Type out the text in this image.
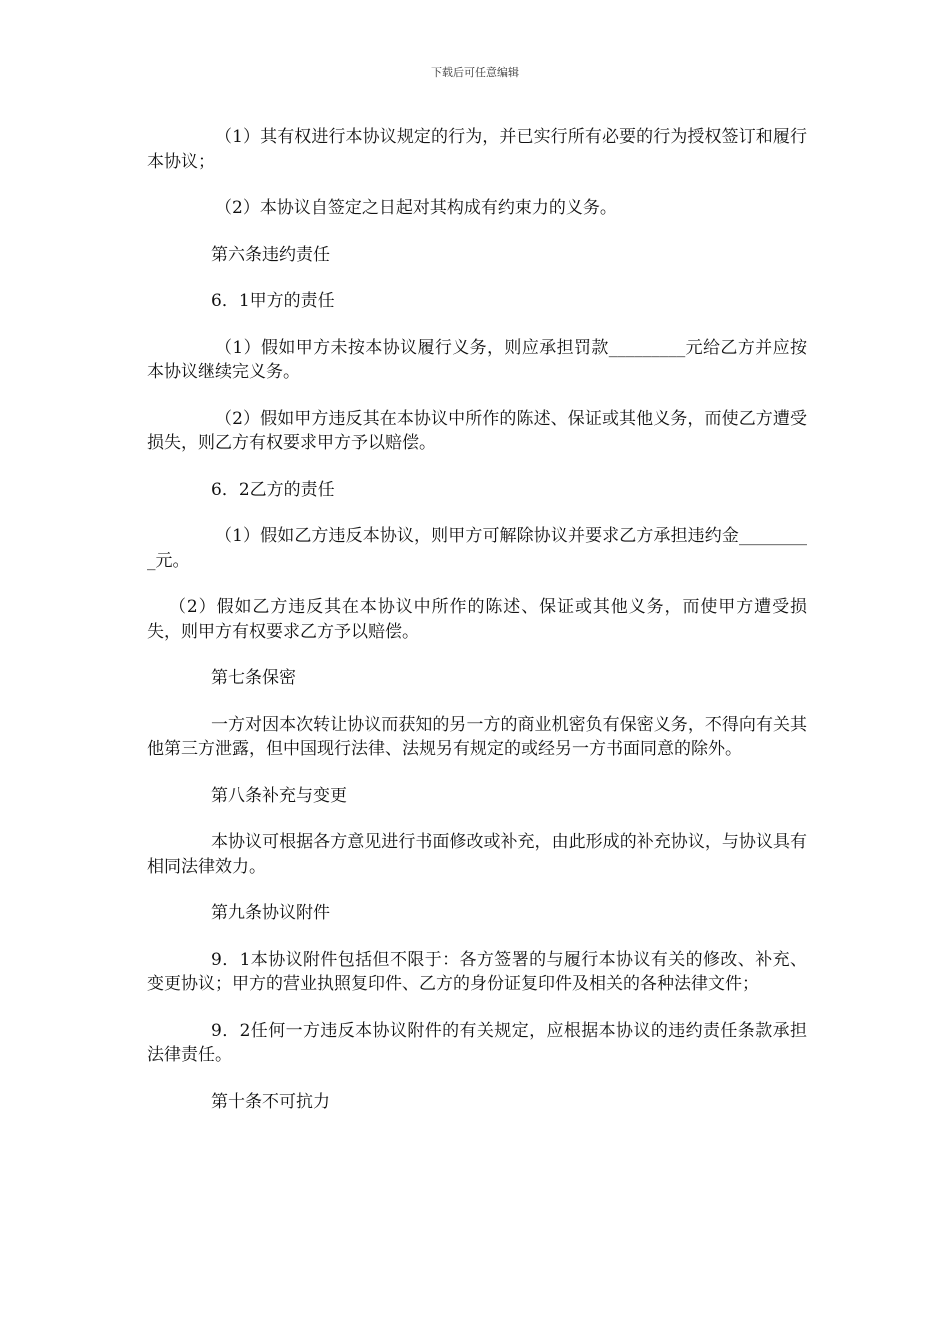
下载后可任意编辑

（1）其有权进行本协议规定的行为，并已实行所有必要的行为授权签订和履行本协议；

（2）本协议自签定之日起对其构成有约束力的义务。

第六条违约责任

6．1甲方的责任

（1）假如甲方未按本协议履行义务，则应承担罚款_________元给乙方并应按本协议继续完义务。

（2）假如甲方违反其在本协议中所作的陈述、保证或其他义务，而使乙方遭受损失，则乙方有权要求甲方予以赔偿。

6．2乙方的责任

（1）假如乙方违反本协议，则甲方可解除协议并要求乙方承担违约金_________元。

（2）假如乙方违反其在本协议中所作的陈述、保证或其他义务，而使甲方遭受损失，则甲方有权要求乙方予以赔偿。

第七条保密

一方对因本次转让协议而获知的另一方的商业机密负有保密义务，不得向有关其他第三方泄露，但中国现行法律、法规另有规定的或经另一方书面同意的除外。

第八条补充与变更

本协议可根据各方意见进行书面修改或补充，由此形成的补充协议，与协议具有相同法律效力。

第九条协议附件

9．1本协议附件包括但不限于：各方签署的与履行本协议有关的修改、补充、变更协议；甲方的营业执照复印件、乙方的身份证复印件及相关的各种法律文件；

9．2任何一方违反本协议附件的有关规定，应根据本协议的违约责任条款承担法律责任。

第十条不可抗力
